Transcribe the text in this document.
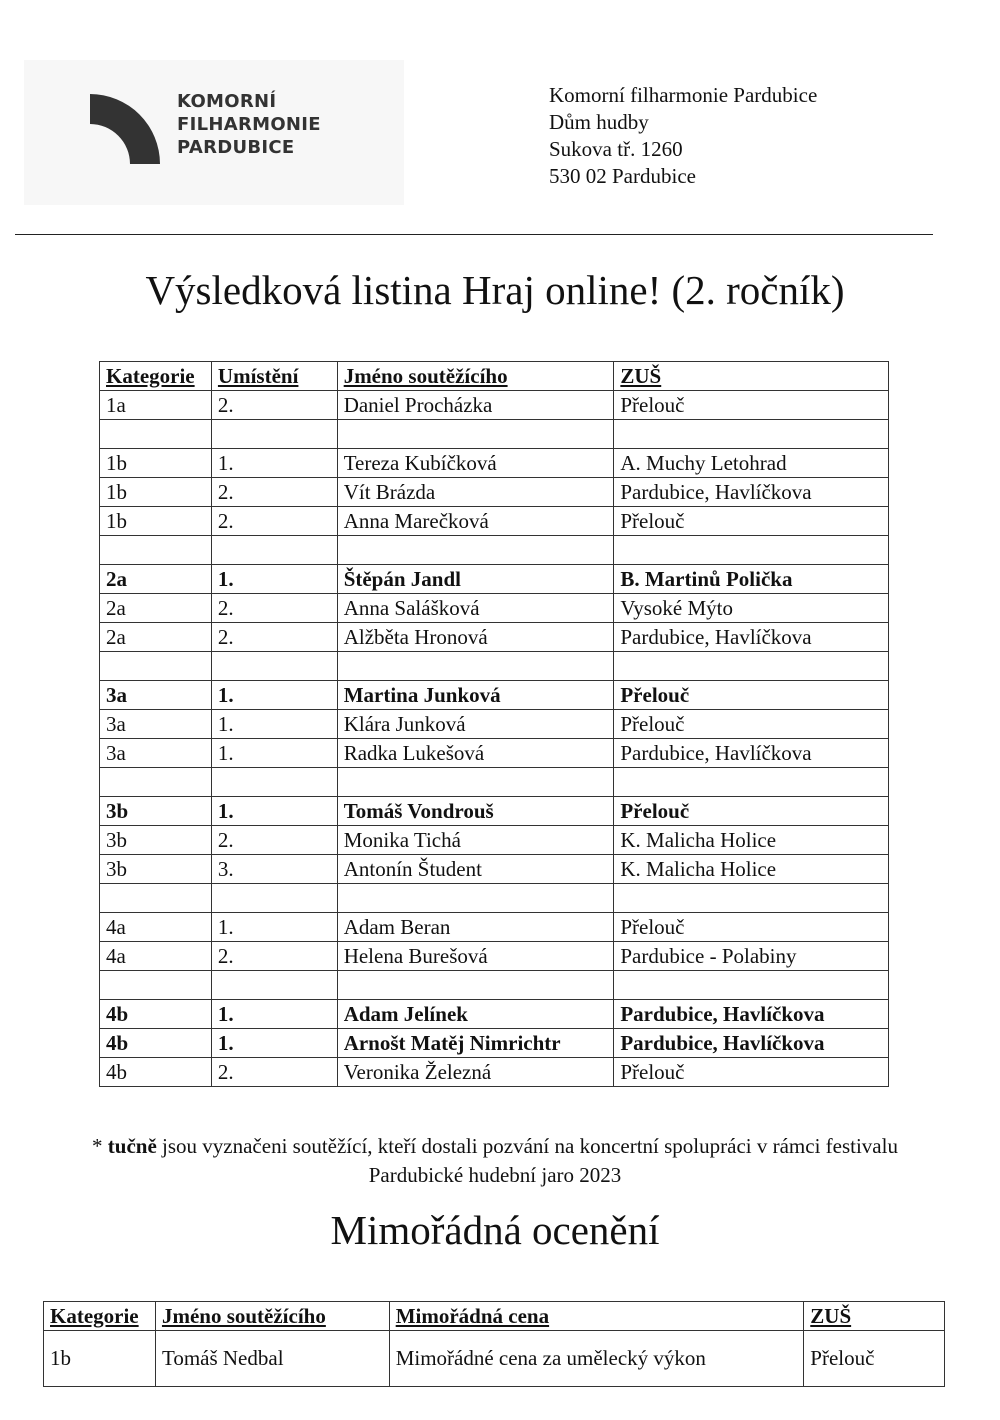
KOMORNÍ
FILHARMONIE
PARDUBICE
Komorní filharmonie Pardubice
Dům hudby
Sukova tř. 1260
530 02 Pardubice
Výsledková listina Hraj online! (2. ročník)
Kategorie	Umístění	Jméno soutěžícího	ZUŠ
1a	2.	Daniel Procházka	Přelouč

1b	1.	Tereza Kubíčková	A. Muchy Letohrad
1b	2.	Vít Brázda	Pardubice, Havlíčkova
1b	2.	Anna Marečková	Přelouč

2a	1.	Štěpán Jandl	B. Martinů Polička
2a	2.	Anna Salášková	Vysoké Mýto
2a	2.	Alžběta Hronová	Pardubice, Havlíčkova

3a	1.	Martina Junková	Přelouč
3a	1.	Klára Junková	Přelouč
3a	1.	Radka Lukešová	Pardubice, Havlíčkova

3b	1.	Tomáš Vondrouš	Přelouč
3b	2.	Monika Tichá	K. Malicha Holice
3b	3.	Antonín Študent	K. Malicha Holice

4a	1.	Adam Beran	Přelouč
4a	2.	Helena Burešová	Pardubice - Polabiny

4b	1.	Adam Jelínek	Pardubice, Havlíčkova
4b	1.	Arnošt Matěj Nimrichtr	Pardubice, Havlíčkova
4b	2.	Veronika Železná	Přelouč
* tučně jsou vyznačeni soutěžící, kteří dostali pozvání na koncertní spolupráci v rámci festivalu
Pardubické hudební jaro 2023
Mimořádná ocenění
Kategorie	Jméno soutěžícího	Mimořádná cena	ZUŠ
1b	Tomáš Nedbal	Mimořádné cena za umělecký výkon	Přelouč
